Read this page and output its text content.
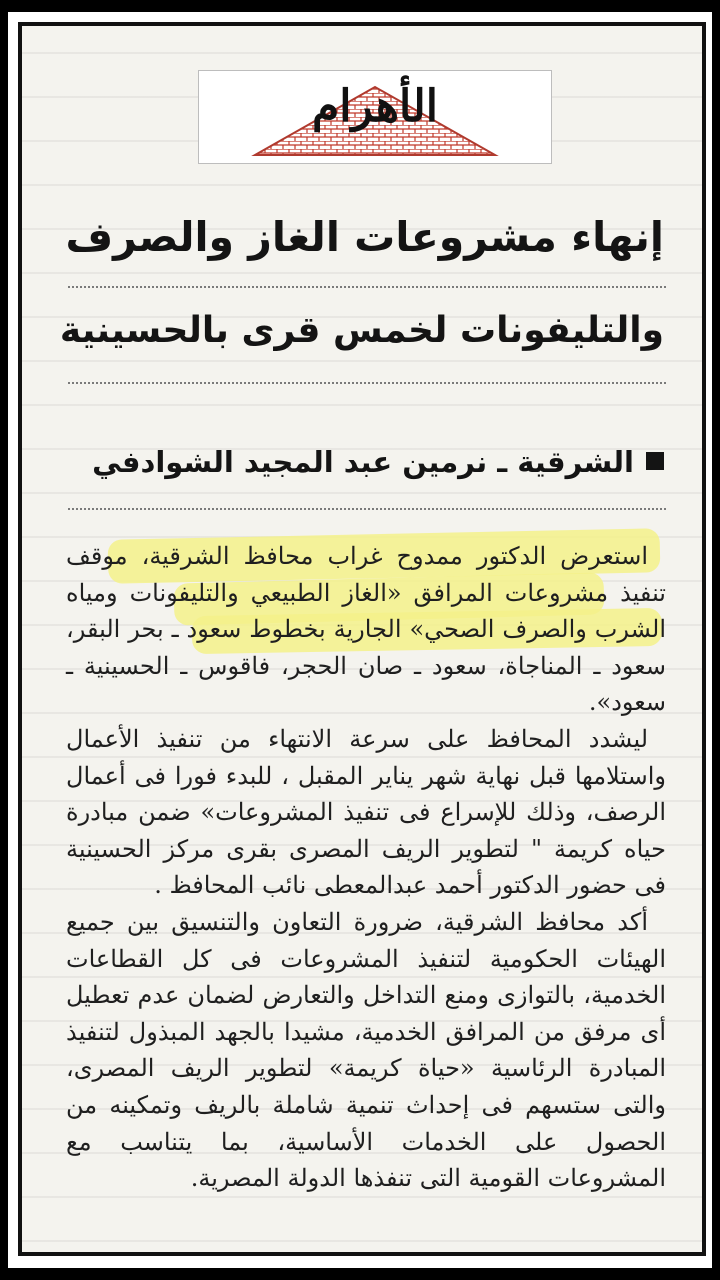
الأهرام
إنهاء مشروعات الغاز والصرف
والتليفونات لخمس قرى بالحسينية
الشرقية ـ نرمين عبد المجيد الشوادفي

استعرض الدكتور ممدوح غراب محافظ الشرقية، موقف تنفيذ مشروعات المرافق «الغاز الطبيعي والتليفونات ومياه الشرب والصرف الصحي» الجارية بخطوط سعود ـ بحر البقر، سعود ـ المناجاة، سعود ـ صان الحجر، فاقوس ـ الحسينية ـ سعود».

ليشدد المحافظ على سرعة الانتهاء من تنفيذ الأعمال واستلامها قبل نهاية شهر يناير المقبل ، للبدء فورا فى أعمال الرصف، وذلك للإسراع فى تنفيذ المشروعات» ضمن مبادرة حياه كريمة " لتطوير الريف المصرى بقرى مركز الحسينية فى حضور الدكتور أحمد عبدالمعطى نائب المحافظ .

أكد محافظ الشرقية، ضرورة التعاون والتنسيق بين جميع الهيئات الحكومية لتنفيذ المشروعات فى كل القطاعات الخدمية، بالتوازى ومنع التداخل والتعارض لضمان عدم تعطيل أى مرفق من المرافق الخدمية، مشيدا بالجهد المبذول لتنفيذ المبادرة الرئاسية «حياة كريمة» لتطوير الريف المصرى، والتى ستسهم فى إحداث تنمية شاملة بالريف وتمكينه من الحصول على الخدمات الأساسية، بما يتناسب مع المشروعات القومية التى تنفذها الدولة المصرية.
